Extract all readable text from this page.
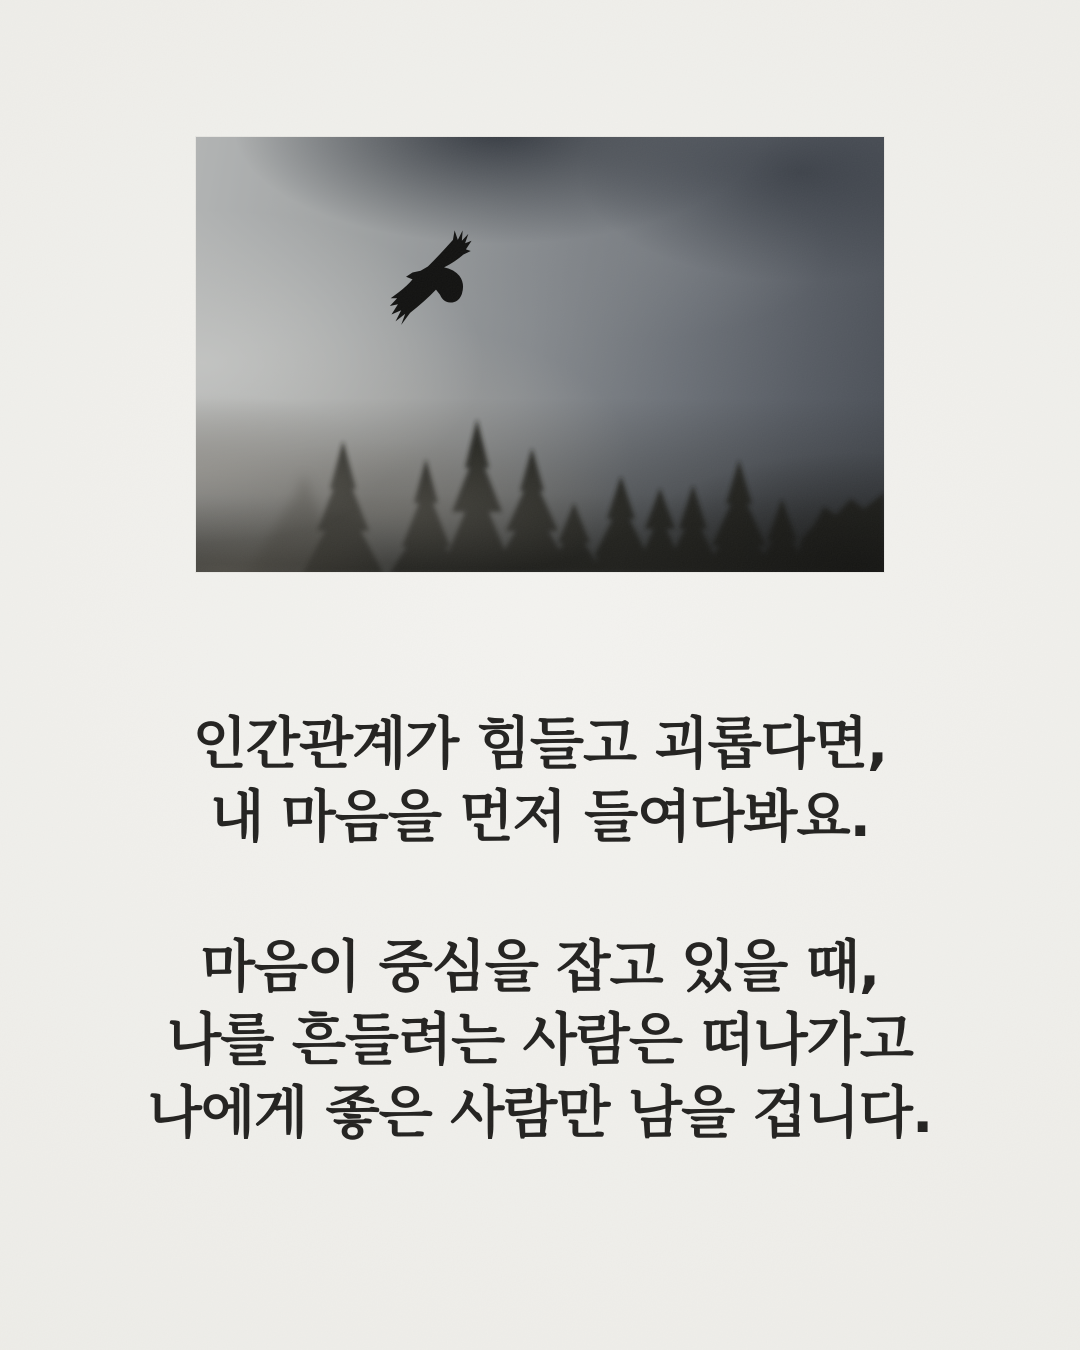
인간관계가 힘들고 괴롭다면,
내 마음을 먼저 들여다봐요.
마음이 중심을 잡고 있을 때,
나를 흔들려는 사람은 떠나가고
나에게 좋은 사람만 남을 겁니다.
